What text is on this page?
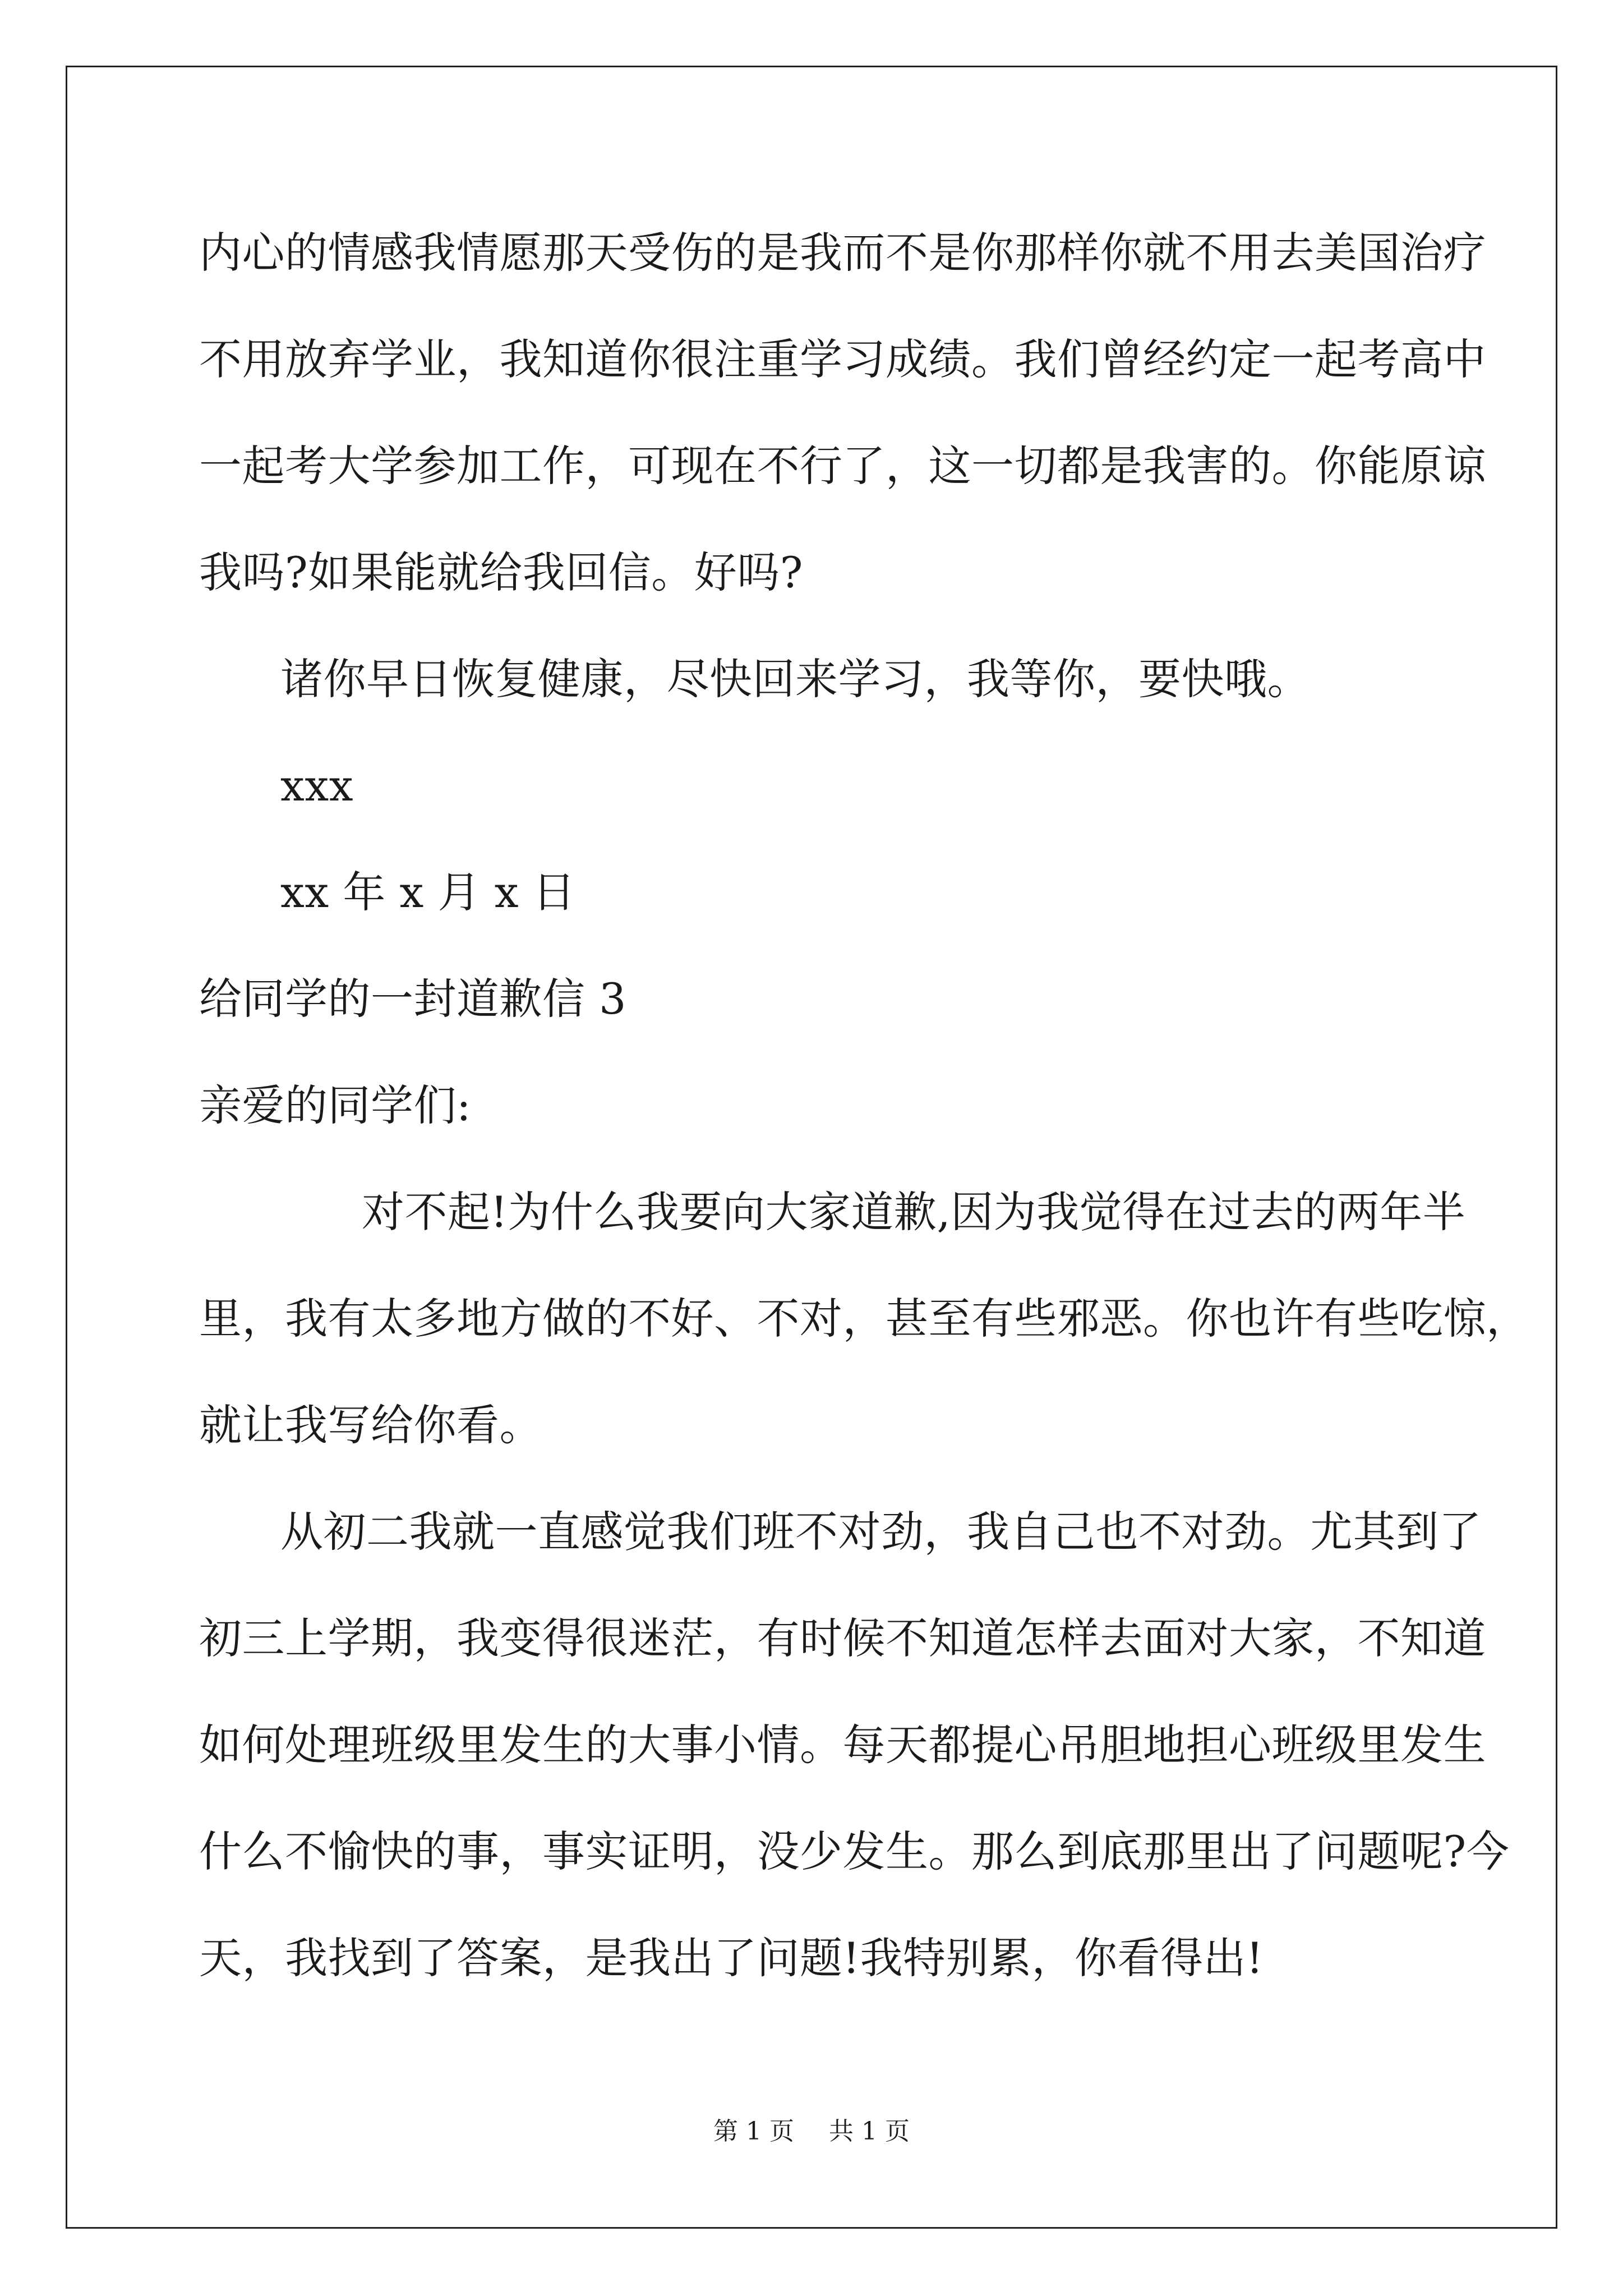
内心的情感我情愿那天受伤的是我而不是你那样你就不用去美国治疗
不用放弃学业，我知道你很注重学习成绩。我们曾经约定一起考高中
一起考大学参加工作，可现在不行了，这一切都是我害的。你能原谅
我吗?如果能就给我回信。好吗?
诸你早日恢复健康，尽快回来学习，我等你，要快哦。
xxx
xx 年 x 月 x 日
给同学的一封道歉信 3
亲爱的同学们:
对不起!为什么我要向大家道歉,因为我觉得在过去的两年半
里，我有太多地方做的不好、不对，甚至有些邪恶。你也许有些吃惊，
就让我写给你看。
从初二我就一直感觉我们班不对劲，我自己也不对劲。尤其到了
初三上学期，我变得很迷茫，有时候不知道怎样去面对大家，不知道
如何处理班级里发生的大事小情。每天都提心吊胆地担心班级里发生
什么不愉快的事，事实证明，没少发生。那么到底那里出了问题呢?今
天，我找到了答案，是我出了问题!我特别累，你看得出!
第 1 页 共 1 页
